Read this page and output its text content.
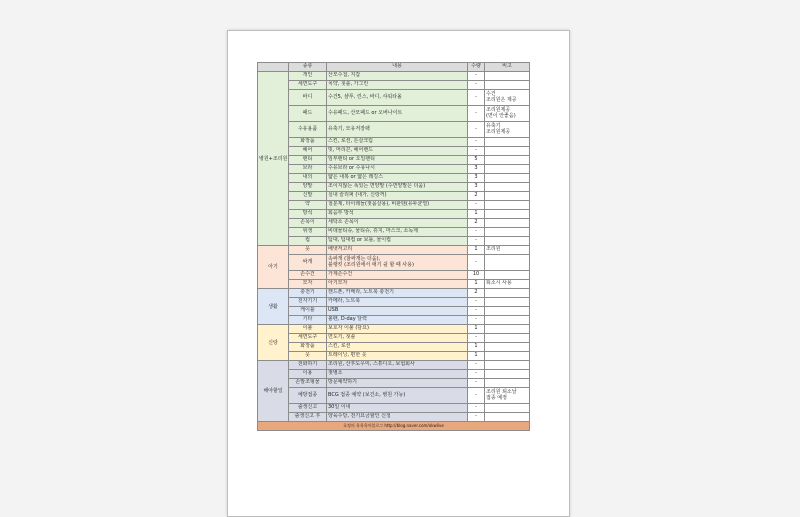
	종류	내용	수량	비고
병원+조리원	개인	산모수첩, 지갑	-	
	세면도구	치약, 칫솔, 가그린	-	
	바디	수건5, 샴푸, 린스, 바디, 샤워타올	-	수건
조리원은 제공
	패드	수유패드, 산모패드 or 오버나이트	-	조리원제공
(면이 안좋음)
	수유용품	유축기, 모유저장팩	-	유축기
조리원제공
	화장품	스킨, 로션, 튼살크림	-	
	헤어	빗, 머리끈, 헤어밴드	-	
	팬티	임부팬티 or 오일팬티	5	
	브라	수유브라 or 수유나시	3	
	내의	얇은 내복 or 얇은 레깅스	3	
	양말	조이지않는 폭있는 면양말 (수면양말은 더움)	3	
	신발	실내 슬리퍼 (내가, 신랑꺼)	2	
	약	철분제, 타이레놀(젖몸살용), 비판텐(유두균열)	-	
	방석	회음부 방석	1	
	손목이	세탁소 손목이	2	
	위생	비데물티슈, 물티슈, 휴지, 마스크, 소독제	-	
	컵	텀대, 텀대컵 or 보틀, 물이컵	-	
아기	옷	배냇저고리	1	조리원
	싸개	속싸개 (찰싸개는 더움),
블랭킷 (조리원에서 애기 쉴 할 때 사용)	-	
	손수건	가제손수건	10	
	모자	아기모자	1	퇴소시 사용
생활	충전기	핸드폰, 카메라, 노트북 충전기	2	
	전자기기	카메라, 노트북	-	
	케이블	USB	-	
	기타	볼펜, D-day 달력	-	
신랑	이불	보호자 이불 (담요)	1	
	세면도구	면도기, 칫솔	-	
	화장품	스킨, 로션	1	
	옷	트레이닝, 편한 옷	1	
해야할일	전화하기	조리원, 산후도우미, 스튜디오, 보험회사	-	
	이용	젖병소	-	
	손발조형물	방문예약하기	-	
	예방접종	BCG 접종 예약 (보건소, 병원 가능)	-	조리원 퇴소날
접종 예정
	출생신고	30일 이내	-	
	출생신고 후	양육수당, 전기요금할인 신청	-	
호정의 육육육아블로그 http://blog.naver.com/okwlive				
